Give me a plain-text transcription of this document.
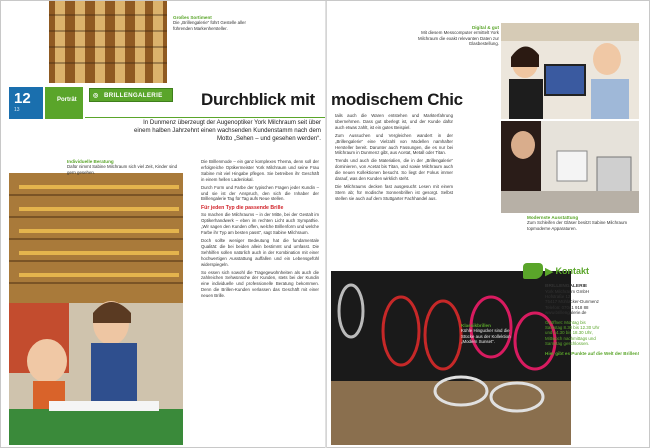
Großes Sortiment
Die „Brillengalerie“ führt Gestelle aller führenden Markenhersteller.
12
13
Porträt
◎ BRILLENGALERIE	Durchblick mit modischem Chic
In Dunmenz überzeugt der Augenoptiker York Milchraum seit über einem halben Jahrzehnt einen wachsenden Kundenstamm nach dem Motto „Sehen – und gesehen werden“.
Individuelle Beratung
Dafür nimmt Sabine Milchraum sich viel Zeit, Kinder sind gern gesehen.

Die Brillenmode – ein ganz komplexes Thema, denn soll der erfolgreiche Optikermeister York Milchraum und seine Frau Sabine mit viel Hingabe pflegen. Sie betreiben ihr Geschäft in einem hellen Ladenlokal.

Durch Form und Farbe der typischen Fragen jeder Kundin – und sie ist der Anspruch, den sich die Inhaber der Brillengalerie Tag für Tag aufs Neue stellen.

Für jeden Typ die passende Brille

So machen die Milchraums – in der Mitte, bei der Gestalt im Optikerhandwerk – eben im rechten Licht auch Sympathie. „Wir sagen den Kunden offen, welche Brillenform und welche Farbe ihr Typ am besten passt“, sagt Sabine Milchraum.

Doch sollte weniger Bedeutung hat die fundamentale Qualität: die bei beiden allein bestimmt und umfasst. Die Sehhilfen sollen natürlich auch in der Kombination mit einer hochwertigen Ausstattung auffallen und ein Lebensgefühl widerspiegeln.

So essen sich sowohl die Tragegewohnheiten als auch die zahlreichen Sehwünsche der Kunden, stets bei der Kundin eine individuelle und professionelle Beratung bekommen. Denn die Brillen-Kunden verlassen das Geschäft mit einer neuen Brille.

tails auch die Waren entstehen und Markterfahrung übernehmen. Dass gut überlegt ist, und der Kunde dafür auch etwas zahlt, ist ein gutes Beispiel.

Zum Aussuchen und Vergleichen wandert in der „Brillengalerie“ eine Vielzahl von Modellen namhafter Hersteller bereit. Darunter auch Fassungen, die es nur bei Milchraum in Dunmenz gibt, aus Acetat, Metall oder Titan.

Trends und auch die Materialien, die in der „Brillengalerie“ dominieren, von Acetat bis Titan, und sowie Milchraum auch die neuen Kollektionen besucht. So liegt der Fokus immer darauf, was den Kunden wirklich steht.

Die Milchraums decken fast ausgesucht Lesen mit einem Stern ab; für modische Sonnenbrillen ist gesorgt. Selbst stellen sie auch auf dem Stuttgarter Fachhandel aus.

Digital & gut
Mit diesem Messcomputer ermittelt York Milchraum die exakt relevanten Daten zur Glasbestellung.
Modernste Ausstattung
Zum Schleifen der Gläser besitzt Sabine Milchraum topmoderne Apparaturen.
Klassikbrillen
Kühle Hingucker sind die Stücke aus der Kollektion „Modern Sunset“.
▶ Kontakt
BRILLENGALERIE
York Milchraum GmbH
Hofstraße 12
75417 Mühlacker-Dunmenz
Telefon: 07041 918 88
www.brillengalerie.de
Geöffnet: Montag bis
Samstag 8.30 bis 12.30 Uhr
und 14.30 bis 18.30 Uhr,
Mittwoch nachmittags und
Samstag geschlossen.
Hier gibt es Punkte auf die Welt der Brillen!
